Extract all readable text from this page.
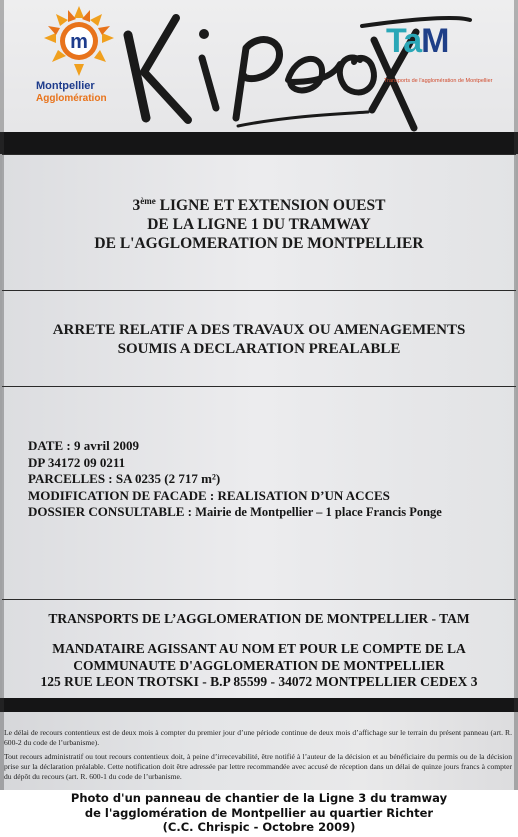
m
Montpellier
Agglomération
TaM
Transports de l'agglomération de Montpellier
3ème LIGNE ET EXTENSION OUEST
DE LA LIGNE 1 DU TRAMWAY
DE L'AGGLOMERATION DE MONTPELLIER
ARRETE RELATIF A DES TRAVAUX OU AMENAGEMENTS
SOUMIS A DECLARATION PREALABLE
DATE : 9 avril 2009
DP 34172 09 0211
PARCELLES : SA 0235 (2 717 m²)
MODIFICATION DE FACADE : REALISATION D’UN ACCES
DOSSIER CONSULTABLE : Mairie de Montpellier – 1 place Francis Ponge
TRANSPORTS DE L’AGGLOMERATION DE MONTPELLIER - TAM
MANDATAIRE AGISSANT AU NOM ET POUR LE COMPTE DE LA
COMMUNAUTE D'AGGLOMERATION DE MONTPELLIER
125 RUE LEON TROTSKI - B.P 85599 - 34072 MONTPELLIER CEDEX 3
Le délai de recours contentieux est de deux mois à compter du premier jour d’une période continue de deux mois d’affichage sur le terrain du présent panneau (art. R. 600-2 du code de l’urbanisme).
Tout recours administratif ou tout recours contentieux doit, à peine d’irrecevabilité, être notifié à l’auteur de la décision et au bénéficiaire du permis ou de la décision prise sur la déclaration préalable. Cette notification doit être adressée par lettre recommandée avec accusé de réception dans un délai de quinze jours francs à compter du dépôt du recours (art. R. 600-1 du code de l’urbanisme.
Photo d'un panneau de chantier de la Ligne 3 du tramway
de l'agglomération de Montpellier au quartier Richter
(C.C. Chrispic - Octobre 2009)
